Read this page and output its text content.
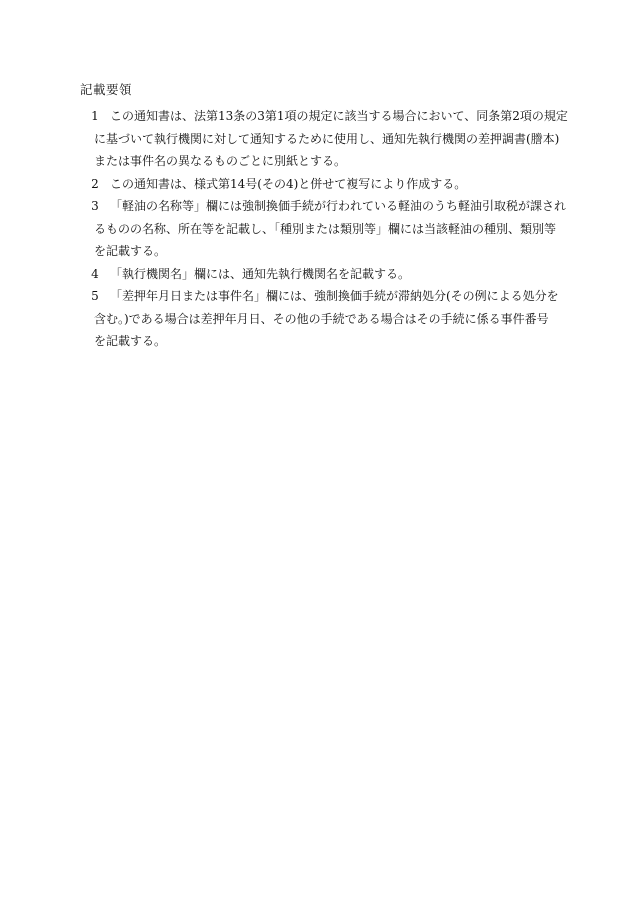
記載要領
1 この通知書は、法第13条の3第1項の規定に該当する場合において、同条第2項の規定
に基づいて執行機関に対して通知するために使用し、通知先執行機関の差押調書(謄本)
または事件名の異なるものごとに別紙とする。
2 この通知書は、様式第14号(その4)と併せて複写により作成する。
3 「軽油の名称等」欄には強制換価手続が行われている軽油のうち軽油引取税が課され
るものの名称、所在等を記載し、「種別または類別等」欄には当該軽油の種別、類別等
を記載する。
4 「執行機関名」欄には、通知先執行機関名を記載する。
5 「差押年月日または事件名」欄には、強制換価手続が滞納処分(その例による処分を
含む。)である場合は差押年月日、その他の手続である場合はその手続に係る事件番号
を記載する。
